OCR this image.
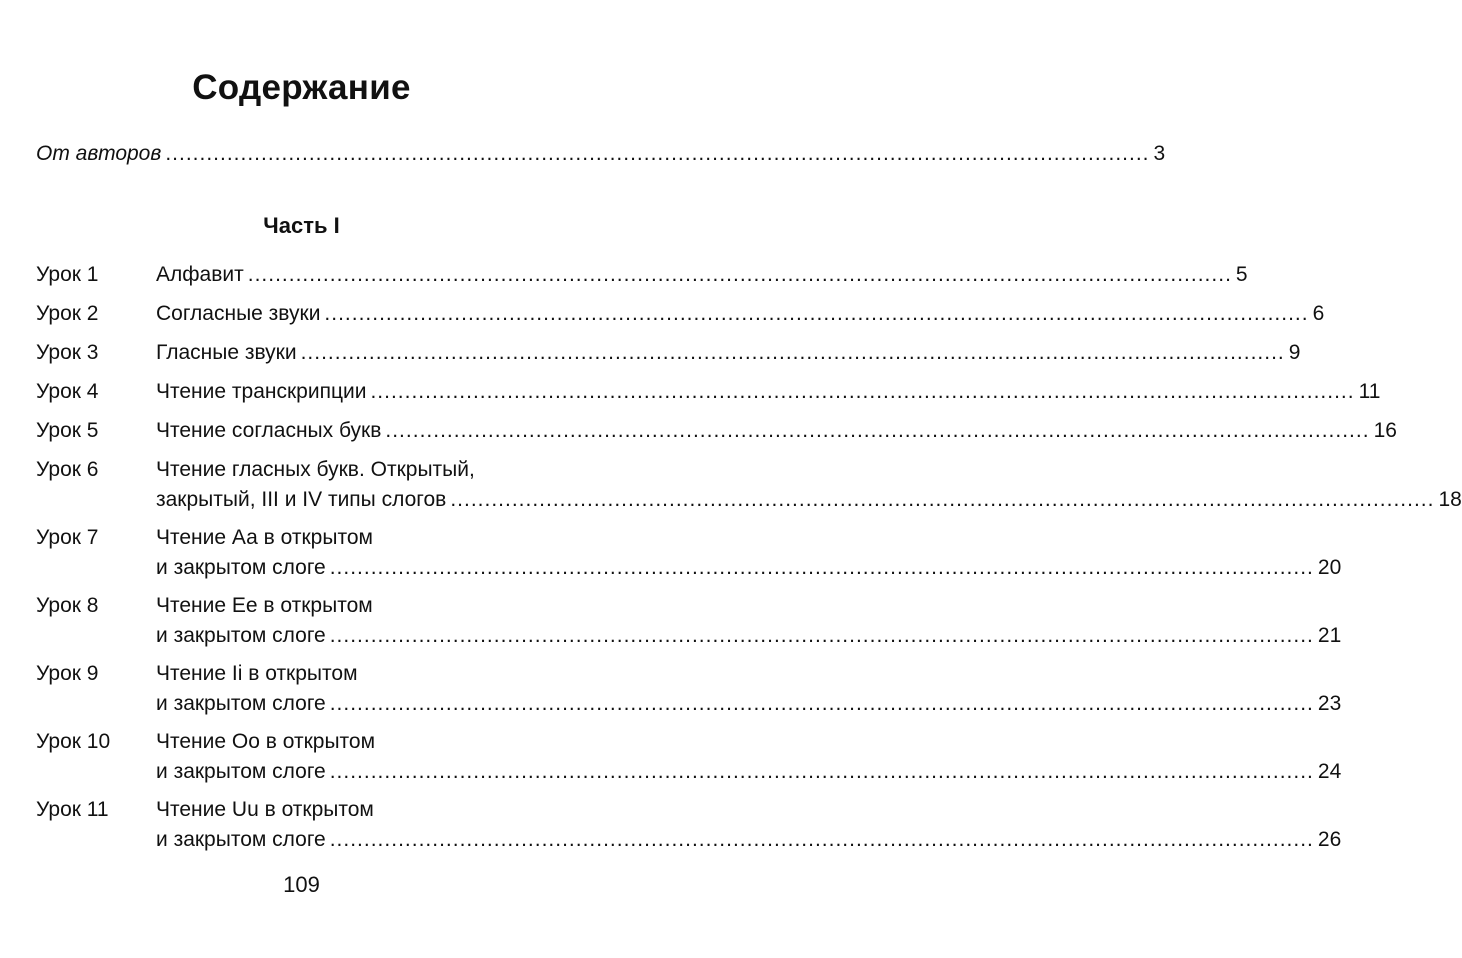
Содержание
От авторов .....	3
Часть I
Урок 1	Алфавит .....	5
Урок 2	Согласные звуки .....	6
Урок 3	Гласные звуки .....	9
Урок 4	Чтение транскрипции .....	11
Урок 5	Чтение согласных букв .....	16
Урок 6	Чтение гласных букв. Открытый,
закрытый, III и IV типы слогов .....	18
Урок 7	Чтение Аа в открытом
и закрытом слоге .....	20
Урок 8	Чтение Ее в открытом
и закрытом слоге .....	21
Урок 9	Чтение Ii в открытом
и закрытом слоге .....	23
Урок 10	Чтение Оо в открытом
и закрытом слоге .....	24
Урок 11	Чтение Uu в открытом
и закрытом слоге .....	26
109
